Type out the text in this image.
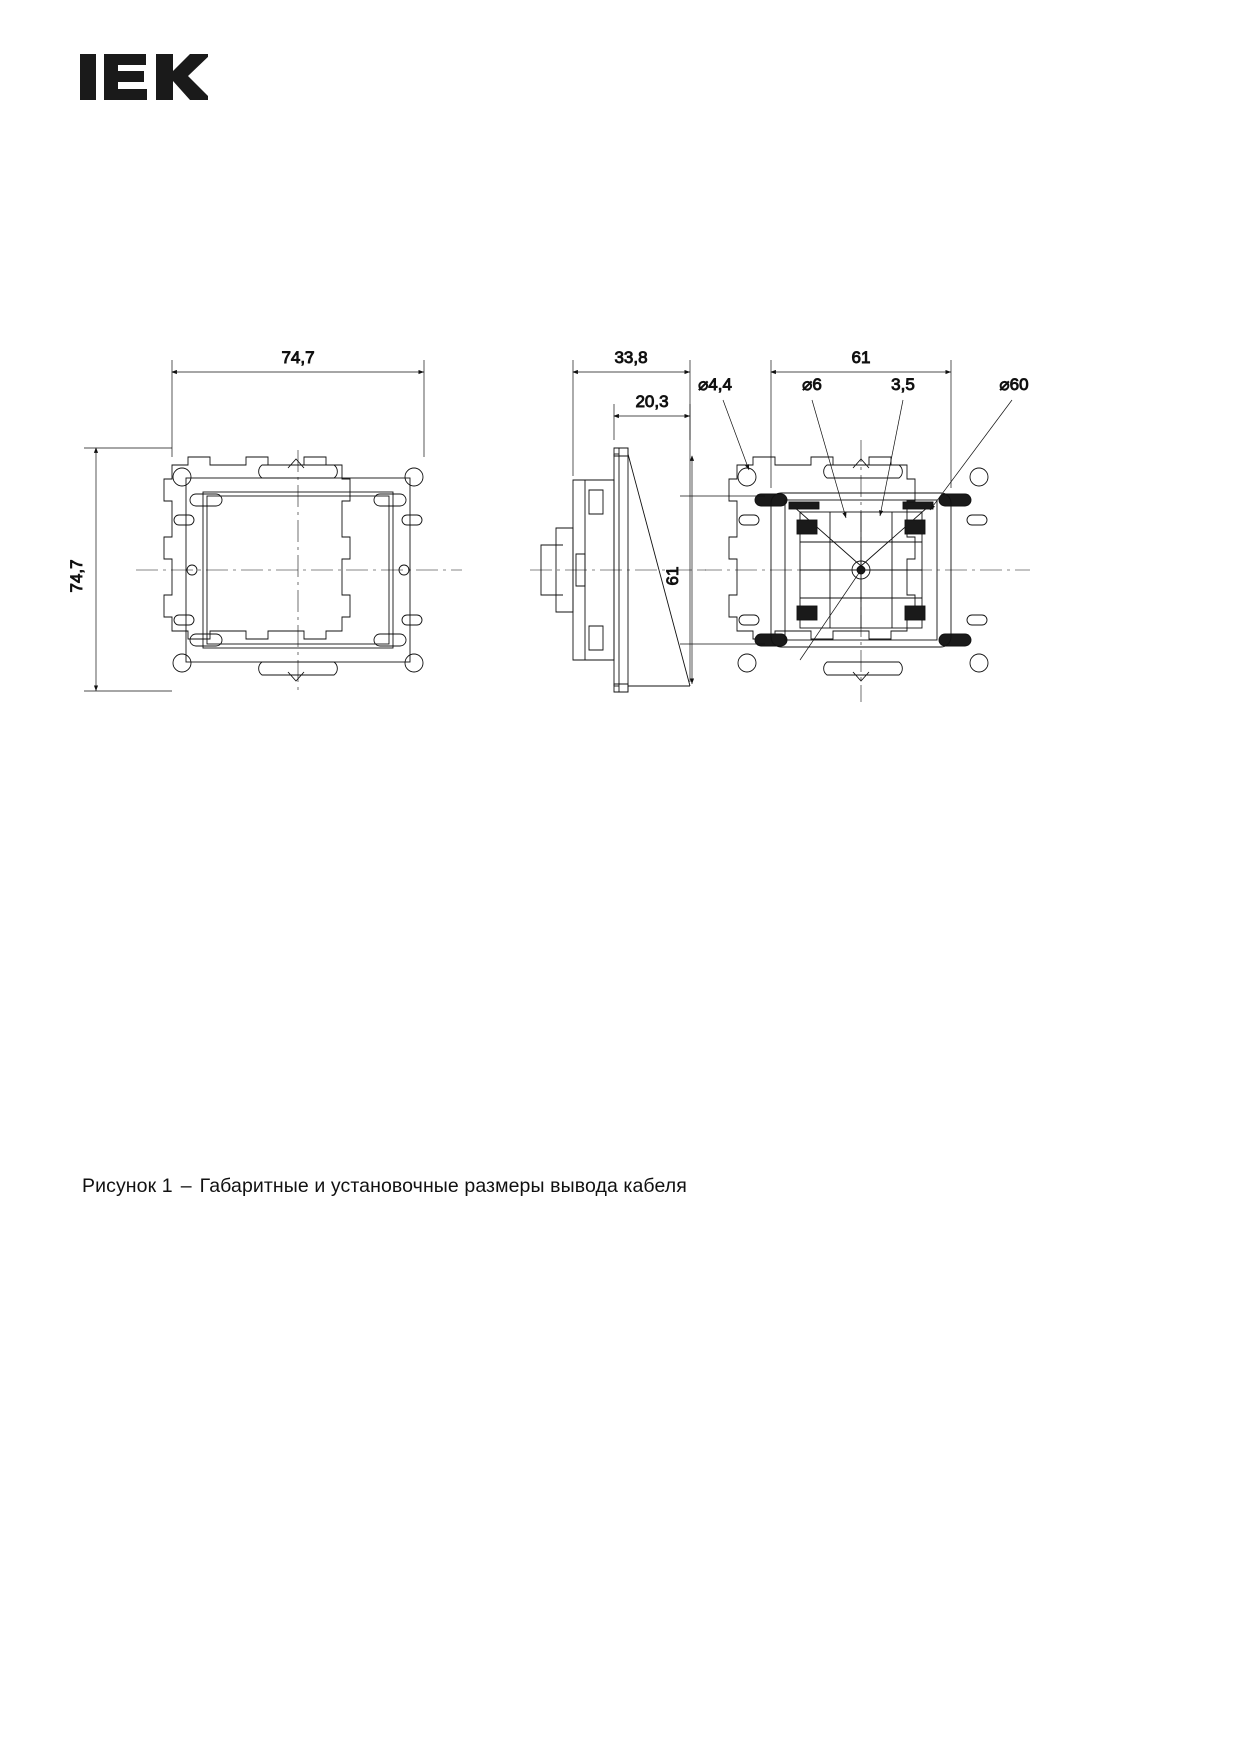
74,7
74,7
33,8
20,3
61
61
⌀4,4	⌀6	3,5	⌀60
Рисунок 1 – Габаритные и установочные размеры вывода кабеля
